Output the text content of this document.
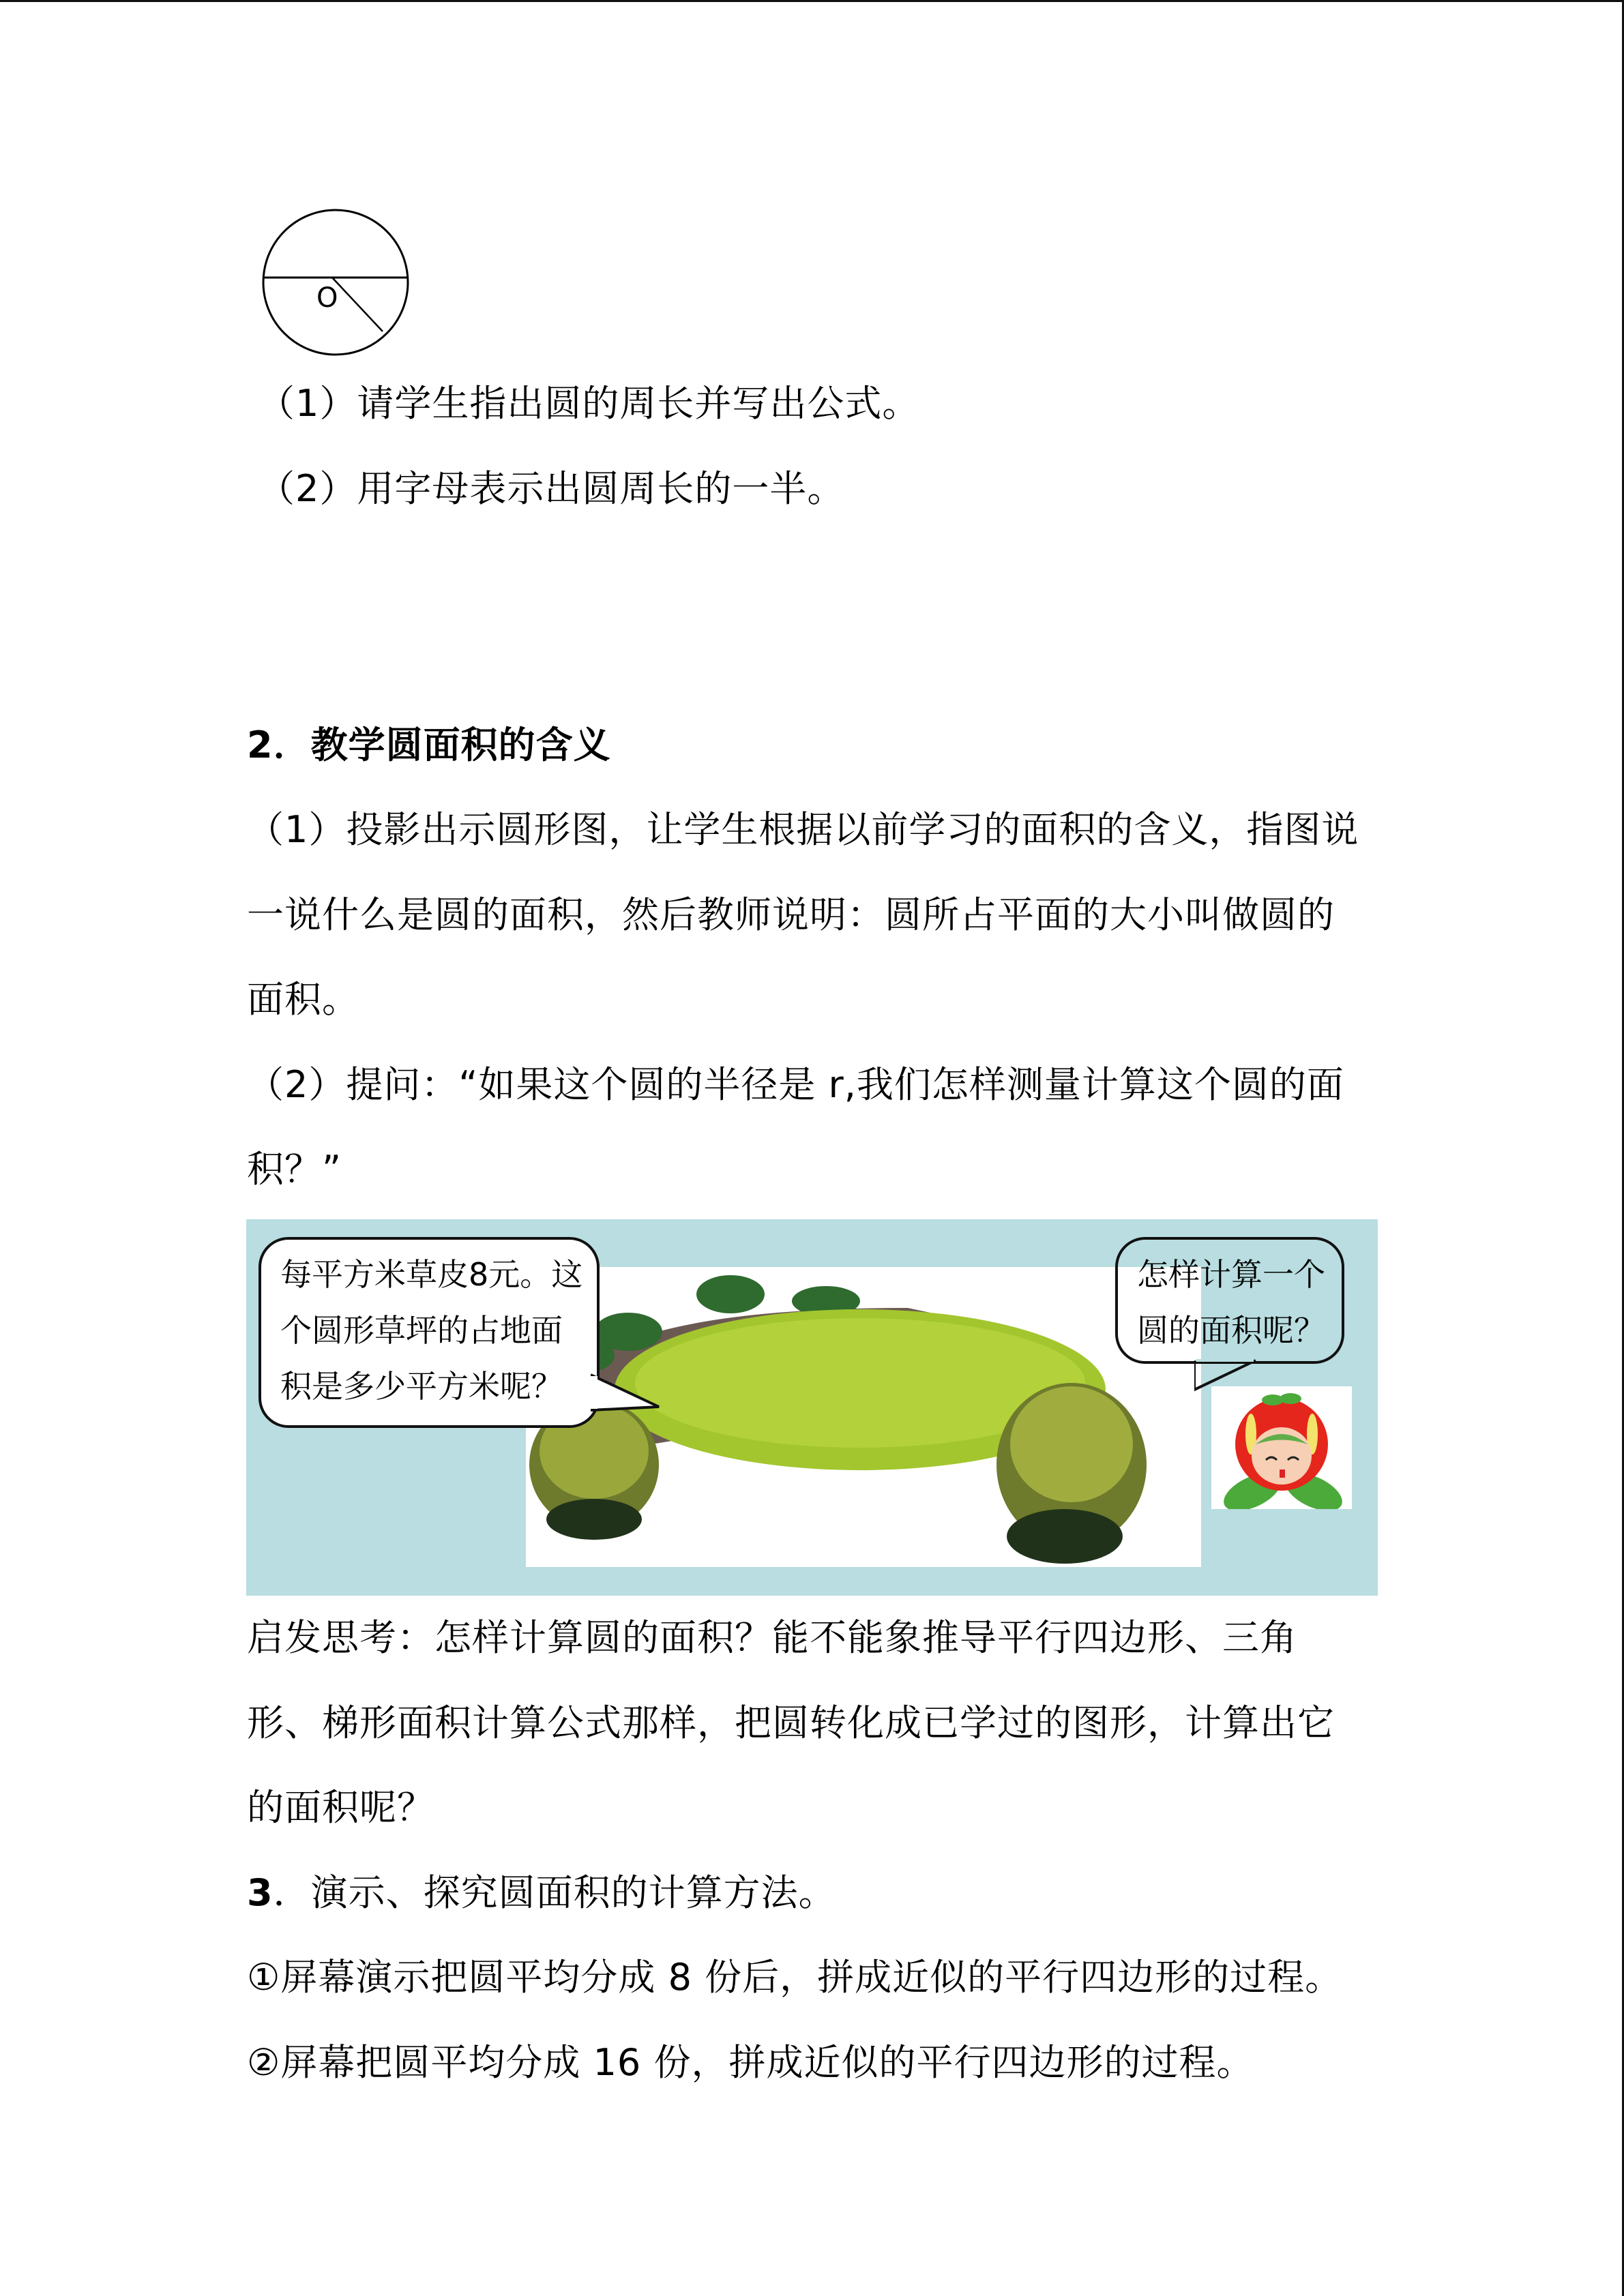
O
（1）请学生指出圆的周长并写出公式。
（2）用字母表示出圆周长的一半。
2．教学圆面积的含义
（1）投影出示圆形图，让学生根据以前学习的面积的含义，指图说
一说什么是圆的面积，然后教师说明：圆所占平面的大小叫做圆的
面积。
（2）提问：“如果这个圆的半径是 r,我们怎样测量计算这个圆的面
积？”
每平方米草皮8元。这
个圆形草坪的占地面
积是多少平方米呢？
怎样计算一个
圆的面积呢？
启发思考：怎样计算圆的面积？能不能象推导平行四边形、三角
形、梯形面积计算公式那样，把圆转化成已学过的图形，计算出它
的面积呢？
3．演示、探究圆面积的计算方法。
①屏幕演示把圆平均分成 8 份后，拼成近似的平行四边形的过程。
②屏幕把圆平均分成 16 份，拼成近似的平行四边形的过程。
